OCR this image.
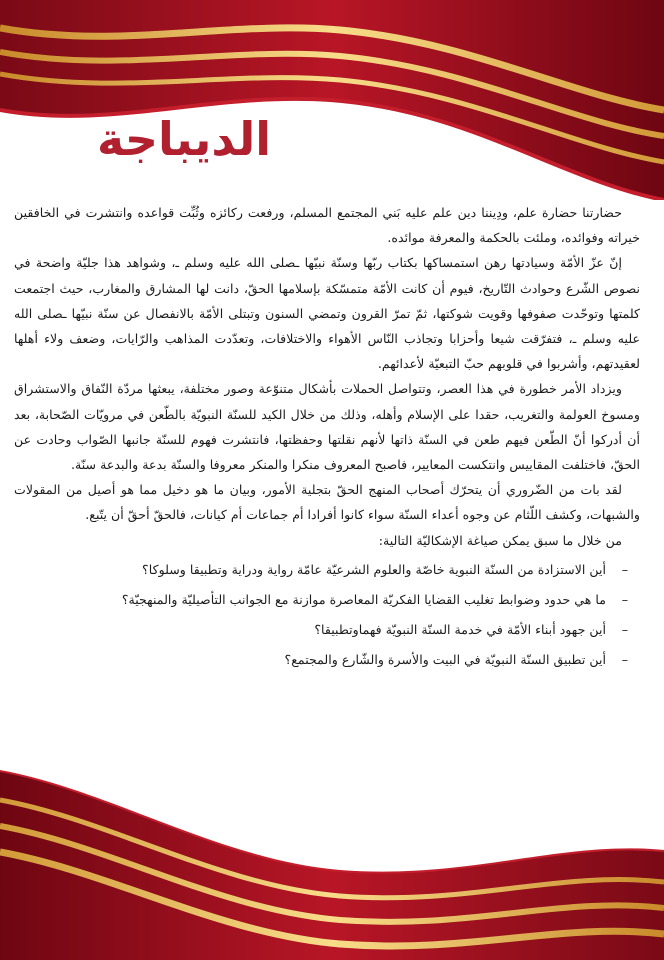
الديباجة

حضارتنا حضارة علم، ودِيننا دين علم عليه بَني المجتمع المسلم، ورفعت ركائزه وثُبِّت قواعده وانتشرت في الخافقين خيراته وفوائده، وملئت بالحكمة والمعرفة موائده.

إنّ عزّ الأمّة وسيادتها رهن استمساكها بكتاب ربّها وسنّة نبيّها ـصلى الله عليه وسلم ـ، وشواهد هذا جليّة واضحة في نصوص الشّرع وحوادث التّاريخ، فيوم أن كانت الأمّة متمسّكة بإسلامها الحقّ، دانت لها المشارق والمغارب، حيث اجتمعت كلمتها وتوحّدت صفوفها وقويت شوكتها، ثمّ تمرّ القرون وتمضي السنون وتبتلى الأمّة بالانفصال عن سنّة نبيّها ـصلى الله عليه وسلم ـ، فتفرّقت شيعا وأحزابا وتجاذب النّاس الأهواء والاختلافات، وتعدّدت المذاهب والرّايات، وضعف ولاء أهلها لعقيدتهم، وأشربوا في قلوبهم حبّ التبعيّة لأعدائهم.

ويزداد الأمر خطورة في هذا العصر، وتتواصل الحملات بأشكال متنوّعة وصور مختلفة، يبعثها مردّة النّفاق والاستشراق ومسوخ العولمة والتغريب، حقدا على الإسلام وأهله، وذلك من خلال الكيد للسنّة النبويّة بالطّعن في مرويّات الصّحابة، بعد أن أدركوا أنّ الطّعن فيهم طعن في السنّة ذاتها لأنهم نقلتها وحفظتها، فانتشرت فهوم للسنّة جانبها الصّواب وحادت عن الحقّ، فاختلفت المقاييس وانتكست المعايير، فاصبح المعروف منكرا والمنكر معروفا والسنّة بدعة والبدعة سنّة.

لقد بات من الضّروري أن يتحرّك أصحاب المنهج الحقّ بتجلية الأمور، وبيان ما هو دخيل مما هو أصيل من المقولات والشبهات، وكشف اللّثام عن وجوه أعداء السنّة سواء كانوا أفرادا أم جماعات أم كيانات، فالحقّ أحقّ أن يتّبع.

من خلال ما سبق يمكن صياغة الإشكاليّة التالية:

–
أين الاستزادة من السنّة النبوية خاصّة والعلوم الشرعيّة عامّة رواية ودراية وتطبيقا وسلوكا؟
–
ما هي حدود وضوابط تغليب القضايا الفكريّة المعاصرة موازنة مع الجوانب التأصيليّة والمنهجيّة؟
–
أين جهود أبناء الأمّة في خدمة السنّة النبويّة فهماوتطبيقا؟
–
أين تطبيق السنّة النبويّة في البيت والأسرة والشّارع والمجتمع؟
